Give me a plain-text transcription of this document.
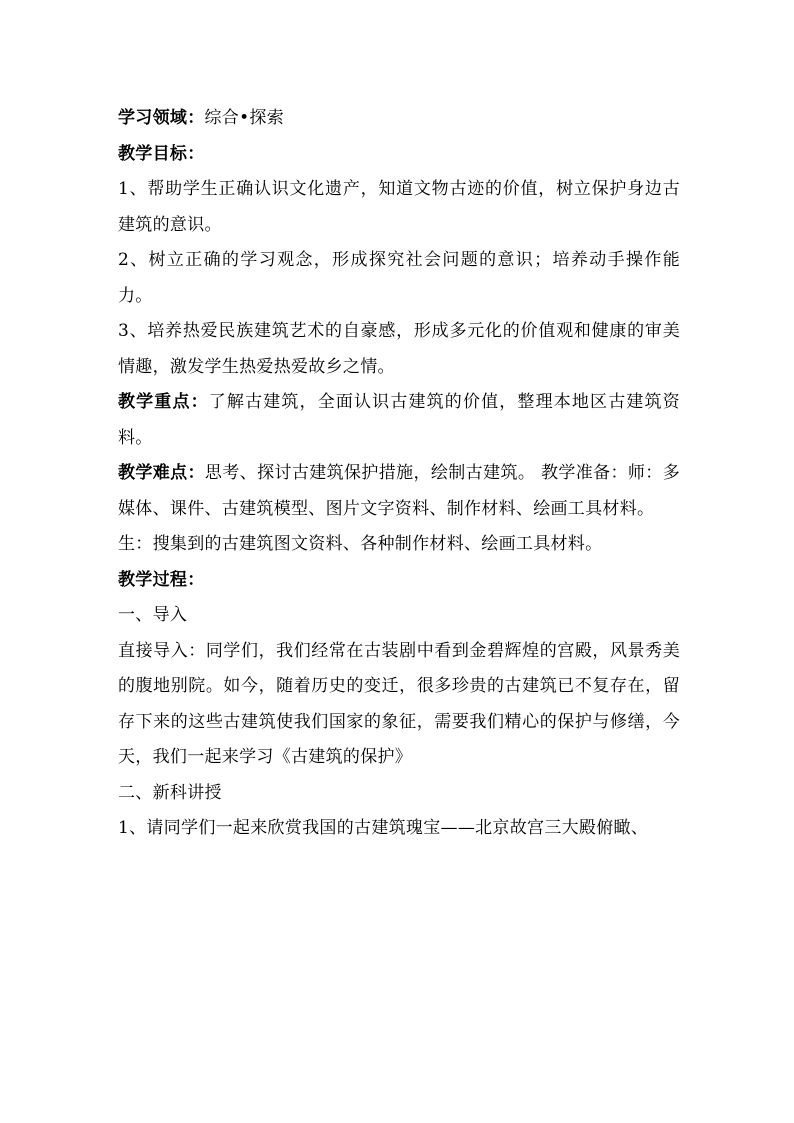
学习领域：综合•探索

教学目标：

1、帮助学生正确认识文化遗产，知道文物古迹的价值，树立保护身边古建筑的意识。

2、树立正确的学习观念，形成探究社会问题的意识；培养动手操作能力。

3、培养热爱民族建筑艺术的自豪感，形成多元化的价值观和健康的审美情趣，激发学生热爱热爱故乡之情。

教学重点：了解古建筑，全面认识古建筑的价值，整理本地区古建筑资料。

教学难点：思考、探讨古建筑保护措施，绘制古建筑。 教学准备：师：多媒体、课件、古建筑模型、图片文字资料、制作材料、绘画工具材料。

生：搜集到的古建筑图文资料、各种制作材料、绘画工具材料。

教学过程：

一、导入

直接导入：同学们，我们经常在古装剧中看到金碧辉煌的宫殿，风景秀美的腹地别院。如今，随着历史的变迁，很多珍贵的古建筑已不复存在，留存下来的这些古建筑使我们国家的象征，需要我们精心的保护与修缮，今天，我们一起来学习《古建筑的保护》

二、新科讲授

1、请同学们一起来欣赏我国的古建筑瑰宝——北京故宫三大殿俯瞰、
